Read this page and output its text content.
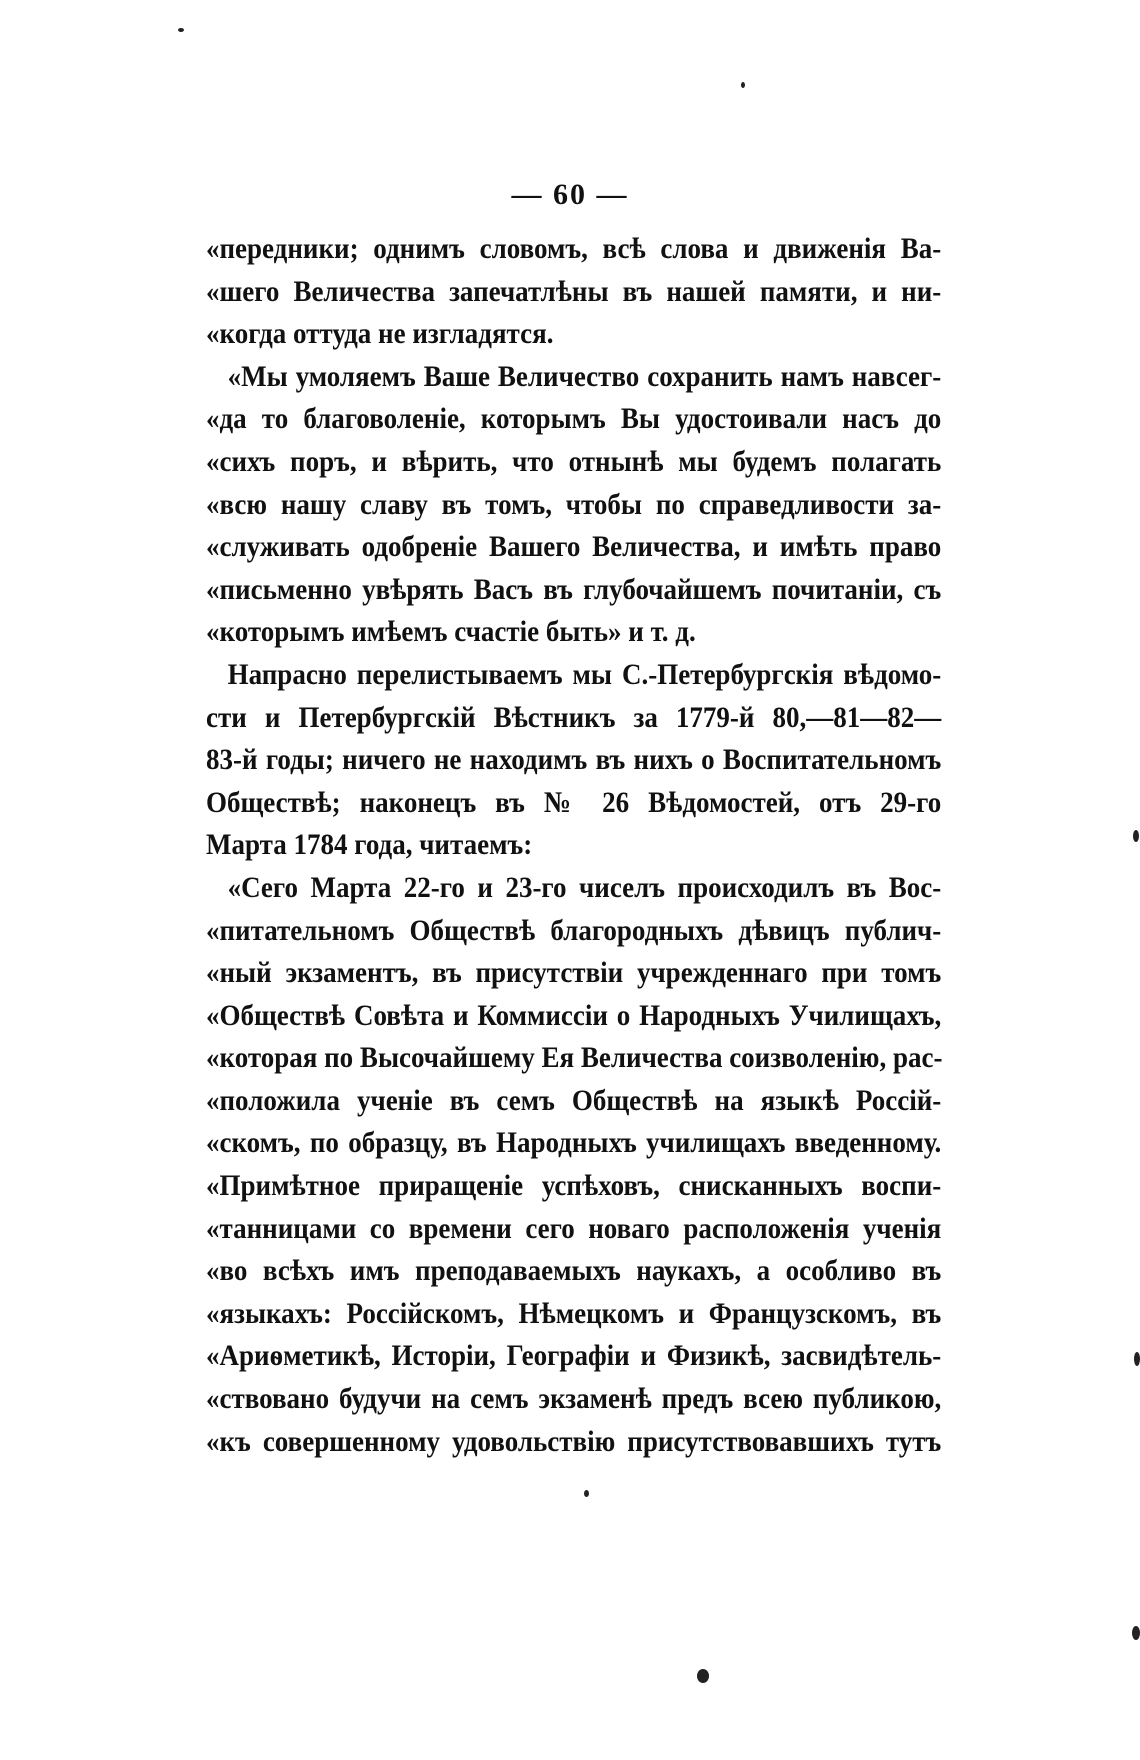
— 60 —
«передники; однимъ словомъ, всѣ слова и движенія Ва-
«шего Величества запечатлѣны въ нашей памяти, и ни-
«когда оттуда не изгладятся.
«Мы умоляемъ Ваше Величество сохранить намъ навсег-
«да то благоволеніе, которымъ Вы удостоивали насъ до
«сихъ поръ, и вѣрить, что отнынѣ мы будемъ полагать
«всю нашу славу въ томъ, чтобы по справедливости за-
«служивать одобреніе Вашего Величества, и имѣть право
«письменно увѣрять Васъ въ глубочайшемъ почитаніи, съ
«которымъ имѣемъ счастіе быть» и т. д.
Напрасно перелистываемъ мы С.-Петербургскія вѣдомо-
сти и Петербургскій Вѣстникъ за 1779-й 80,—81—82—
83-й годы; ничего не находимъ въ нихъ о Воспитательномъ
Обществѣ; наконецъ въ № 26 Вѣдомостей, отъ 29-го
Марта 1784 года, читаемъ:
«Сего Марта 22-го и 23-го чиселъ происходилъ въ Вос-
«питательномъ Обществѣ благородныхъ дѣвицъ публич-
«ный экзаментъ, въ присутствіи учрежденнаго при томъ
«Обществѣ Совѣта и Коммиссіи о Народныхъ Училищахъ,
«которая по Высочайшему Ея Величества соизволенію, рас-
«положила ученіе въ семъ Обществѣ на языкѣ Россій-
«скомъ, по образцу, въ Народныхъ училищахъ введенному.
«Примѣтное приращеніе успѣховъ, снисканныхъ воспи-
«танницами со времени сего новаго расположенія ученія
«во всѣхъ имъ преподаваемыхъ наукахъ, а особливо въ
«языкахъ: Россійскомъ, Нѣмецкомъ и Французскомъ, въ
«Ариѳметикѣ, Исторіи, Географіи и Физикѣ, засвидѣтель-
«ствовано будучи на семъ экзаменѣ предъ всею публикою,
«къ совершенному удовольствію присутствовавшихъ тутъ
